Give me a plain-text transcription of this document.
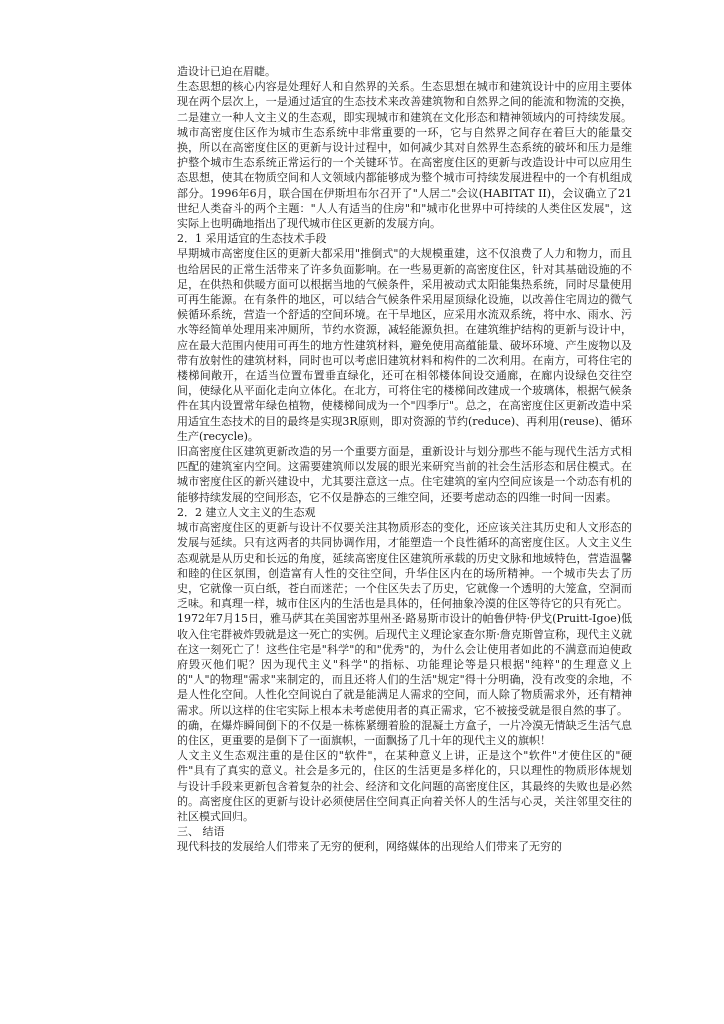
造设计已迫在眉睫。

生态思想的核心内容是处理好人和自然界的关系。生态思想在城市和建筑设计中的应用主要体现在两个层次上，一是通过适宜的生态技术来改善建筑物和自然界之间的能流和物流的交换，二是建立一种人文主义的生态观，即实现城市和建筑在文化形态和精神领域内的可持续发展。城市高密度住区作为城市生态系统中非常重要的一环，它与自然界之间存在着巨大的能量交换，所以在高密度住区的更新与设计过程中，如何减少其对自然界生态系统的破坏和压力是维护整个城市生态系统正常运行的一个关键环节。在高密度住区的更新与改造设计中可以应用生态思想，使其在物质空间和人文领域内都能够成为整个城市可持续发展进程中的一个有机组成部分。1996年6月，联合国在伊斯坦布尔召开了"人居二"会议(HABITAT II)，会议确立了21世纪人类奋斗的两个主题："人人有适当的住房"和"城市化世界中可持续的人类住区发展"，这实际上也明确地指出了现代城市住区更新的发展方向。

2．1 采用适宜的生态技术手段

早期城市高密度住区的更新大都采用"推倒式"的大规模重建，这不仅浪费了人力和物力，而且也给居民的正常生活带来了许多负面影响。在一些易更新的高密度住区，针对其基础设施的不足，在供热和供暖方面可以根据当地的气候条件，采用被动式太阳能集热系统，同时尽量使用可再生能源。在有条件的地区，可以结合气候条件采用屋顶绿化设施，以改善住宅周边的微气候循环系统，营造一个舒适的空间环境。在干旱地区，应采用水流双系统，将中水、雨水、污水等经简单处理用来冲厕所，节约水资源，减轻能源负担。在建筑维护结构的更新与设计中，应在最大范围内使用可再生的地方性建筑材料，避免使用高蕴能量、破坏环境、产生废物以及带有放射性的建筑材料，同时也可以考虑旧建筑材料和构件的二次利用。在南方，可将住宅的楼梯间敞开，在适当位置布置垂直绿化，还可在相邻楼体间设交通廊，在廊内设绿色交往空间，使绿化从平面化走向立体化。在北方，可将住宅的楼梯间改建成一个玻璃体，根据气候条件在其内设置常年绿色植物，使楼梯间成为一个"四季厅"。总之，在高密度住区更新改造中采用适宜生态技术的目的最终是实现3R原则，即对资源的节约(reduce)、再利用(reuse)、循环生产(recycle)。

旧高密度住区建筑更新改造的另一个重要方面是，重新设计与划分那些不能与现代生活方式相匹配的建筑室内空间。这需要建筑师以发展的眼光来研究当前的社会生活形态和居住模式。在城市密度住区的新兴建设中，尤其要注意这一点。住宅建筑的室内空间应该是一个动态有机的能够持续发展的空间形态，它不仅是静态的三维空间，还要考虑动态的四维一时间一因素。

2．2 建立人文主义的生态观

城市高密度住区的更新与设计不仅要关注其物质形态的变化，还应该关注其历史和人文形态的发展与延续。只有这两者的共同协调作用，才能塑造一个良性循环的高密度住区。人文主义生态观就是从历史和长远的角度，延续高密度住区建筑所承载的历史文脉和地域特色，营造温馨和睦的住区氛围，创造富有人性的交往空间，升华住区内在的场所精神。一个城市失去了历史，它就像一页白纸，苍白而迷茫；一个住区失去了历史，它就像一个透明的大笼盒，空洞而乏味。和真理一样，城市住区内的生活也是具体的，任何抽象冷漠的住区等待它的只有死亡。

1972年7月15日，雅马萨其在美国密苏里州圣·路易斯市设计的帕鲁伊特·伊戈(Pruitt-Igoe)低收入住宅群被炸毁就是这一死亡的实例。后现代主义理论家查尔斯·詹克斯曾宣称，现代主义就在这一刻死亡了！这些住宅是"科学"的和"优秀"的，为什么会让使用者如此的不满意而迫使政府毁灭他们呢？因为现代主义"科学"的指标、功能理论等是只根据"纯粹"的生理意义上的"人"的物理"需求"来制定的，而且还将人们的生活"规定"得十分明确，没有改变的余地，不是人性化空间。人性化空间说白了就是能满足人需求的空间，而人除了物质需求外，还有精神需求。所以这样的住宅实际上根本未考虑使用者的真正需求，它不被接受就是很自然的事了。

的确，在爆炸瞬间倒下的不仅是一栋栋紧绷着脸的混凝土方盒子，一片冷漠无情缺乏生活气息的住区，更重要的是倒下了一面旗帜，一面飘扬了几十年的现代主义的旗帜！

人文主义生态观注重的是住区的"软件"，在某种意义上讲，正是这个"软件"才使住区的"硬件"具有了真实的意义。社会是多元的，住区的生活更是多样化的，只以理性的物质形体规划与设计手段来更新包含着复杂的社会、经济和文化问题的高密度住区，其最终的失败也是必然的。高密度住区的更新与设计必须使居住空间真正向着关怀人的生活与心灵，关注邻里交往的社区模式回归。

三、 结语

现代科技的发展给人们带来了无穷的便利，网络媒体的出现给人们带来了无穷的
